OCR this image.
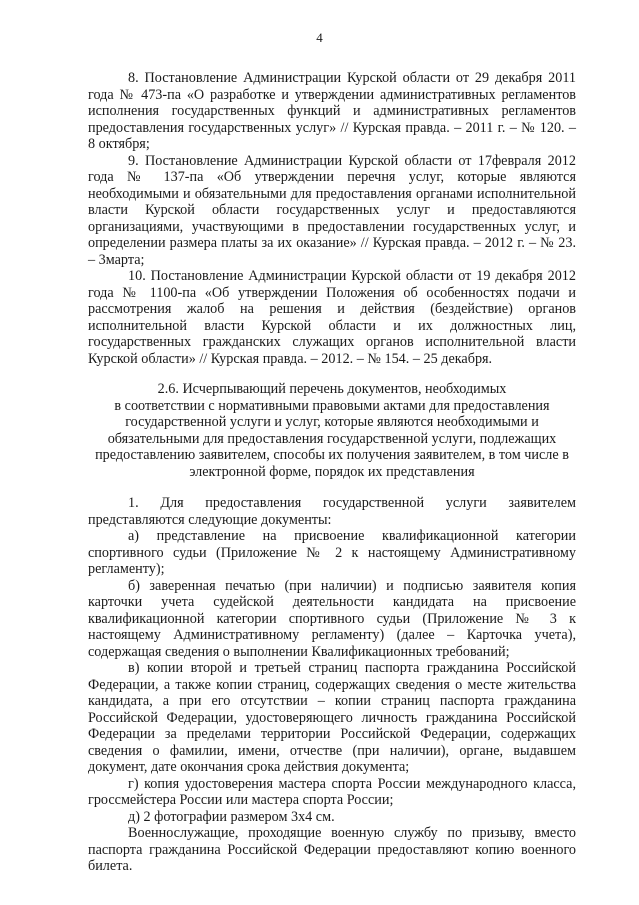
4

8. Постановление Администрации Курской области от 29 декабря 2011 года № 473-па «О разработке и утверждении административных регламентов исполнения государственных функций и административных регламентов предоставления государственных услуг» // Курская правда. – 2011 г. – № 120. – 8 октября;

9. Постановление Администрации Курской области от 17февраля 2012 года № 137-па «Об утверждении перечня услуг, которые являются необходимыми и обязательными для предоставления органами исполнительной власти Курской области государственных услуг и предоставляются организациями, участвующими в предоставлении государственных услуг, и определении размера платы за их оказание» // Курская правда. – 2012 г. – № 23. – 3марта;

10. Постановление Администрации Курской области от 19 декабря 2012 года № 1100-па «Об утверждении Положения об особенностях подачи и рассмотрения жалоб на решения и действия (бездействие) органов исполнительной власти Курской области и их должностных лиц, государственных гражданских служащих органов исполнительной власти Курской области» // Курская правда. – 2012. – № 154. – 25 декабря.

2.6. Исчерпывающий перечень документов, необходимых
в соответствии с нормативными правовыми актами для предоставления
государственной услуги и услуг, которые являются необходимыми и
обязательными для предоставления государственной услуги, подлежащих
предоставлению заявителем, способы их получения заявителем, в том числе в
электронной форме, порядок их представления

1. Для предоставления государственной услуги заявителем представляются следующие документы:

а) представление на присвоение квалификационной категории спортивного судьи (Приложение № 2 к настоящему Административному регламенту);

б) заверенная печатью (при наличии) и подписью заявителя копия карточки учета судейской деятельности кандидата на присвоение квалификационной категории спортивного судьи (Приложение № 3 к настоящему Административному регламенту) (далее – Карточка учета), содержащая сведения о выполнении Квалификационных требований;

в) копии второй и третьей страниц паспорта гражданина Российской Федерации, а также копии страниц, содержащих сведения о месте жительства кандидата, а при его отсутствии – копии страниц паспорта гражданина Российской Федерации, удостоверяющего личность гражданина Российской Федерации за пределами территории Российской Федерации, содержащих сведения о фамилии, имени, отчестве (при наличии), органе, выдавшем документ, дате окончания срока действия документа;

г) копия удостоверения мастера спорта России международного класса, гроссмейстера России или мастера спорта России;

д) 2 фотографии размером 3х4 см.

Военнослужащие, проходящие военную службу по призыву, вместо паспорта гражданина Российской Федерации предоставляют копию военного билета.
